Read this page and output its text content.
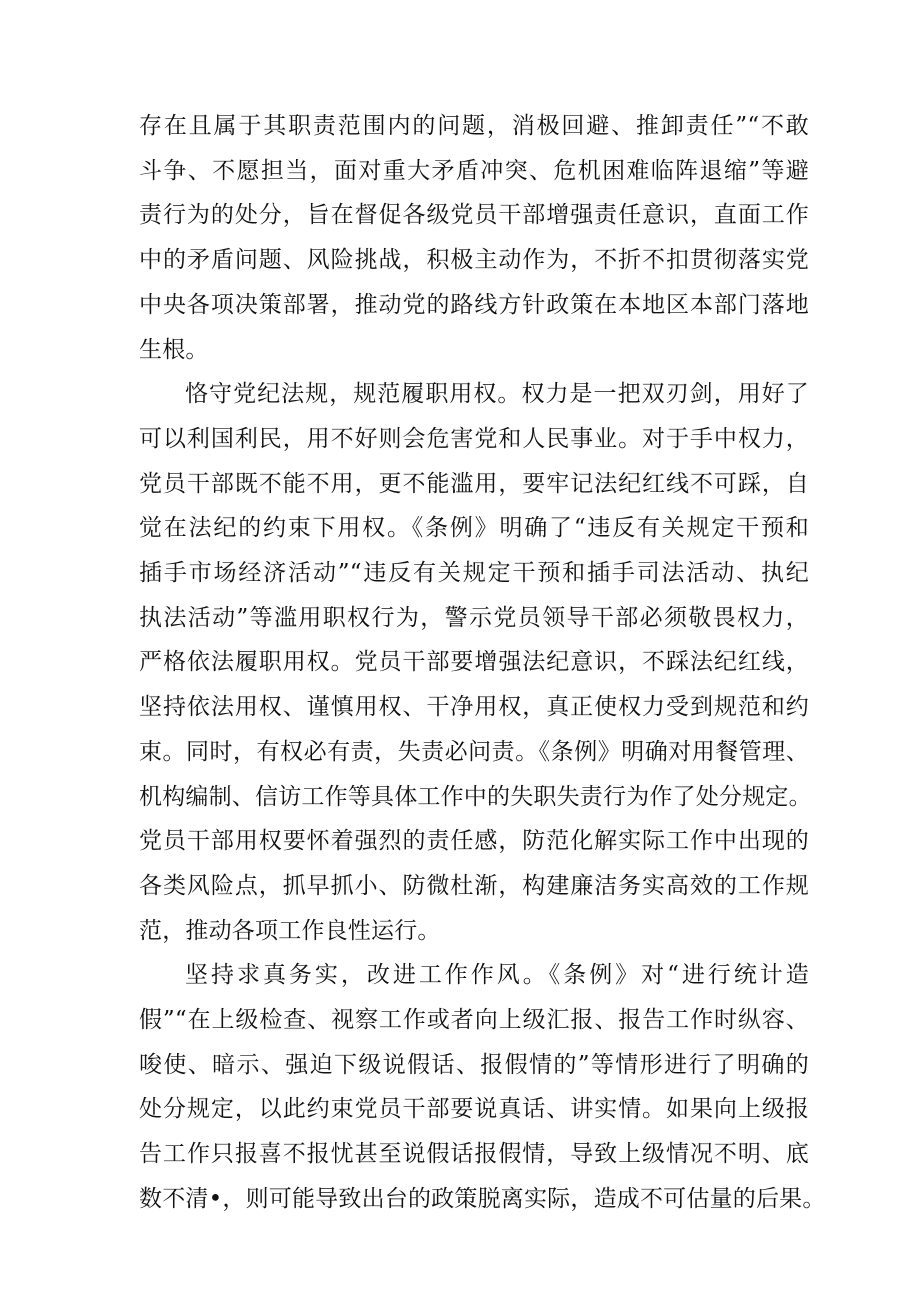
存在且属于其职责范围内的问题，消极回避、推卸责任”“不敢
斗争、不愿担当，面对重大矛盾冲突、危机困难临阵退缩”等避
责行为的处分，旨在督促各级党员干部增强责任意识，直面工作
中的矛盾问题、风险挑战，积极主动作为，不折不扣贯彻落实党
中央各项决策部署，推动党的路线方针政策在本地区本部门落地
生根。

恪守党纪法规，规范履职用权。权力是一把双刃剑，用好了
可以利国利民，用不好则会危害党和人民事业。对于手中权力，
党员干部既不能不用，更不能滥用，要牢记法纪红线不可踩，自
觉在法纪的约束下用权。《条例》明确了“违反有关规定干预和
插手市场经济活动”“违反有关规定干预和插手司法活动、执纪
执法活动”等滥用职权行为，警示党员领导干部必须敬畏权力，
严格依法履职用权。党员干部要增强法纪意识，不踩法纪红线，
坚持依法用权、谨慎用权、干净用权，真正使权力受到规范和约
束。同时，有权必有责，失责必问责。《条例》明确对用餐管理、
机构编制、信访工作等具体工作中的失职失责行为作了处分规定。
党员干部用权要怀着强烈的责任感，防范化解实际工作中出现的
各类风险点，抓早抓小、防微杜渐，构建廉洁务实高效的工作规
范，推动各项工作良性运行。

坚持求真务实，改进工作作风。《条例》对“进行统计造
假”“在上级检查、视察工作或者向上级汇报、报告工作时纵容、
唆使、暗示、强迫下级说假话、报假情的”等情形进行了明确的
处分规定，以此约束党员干部要说真话、讲实情。如果向上级报
告工作只报喜不报忧甚至说假话报假情，导致上级情况不明、底
数不清•，则可能导致出台的政策脱离实际，造成不可估量的后果。
